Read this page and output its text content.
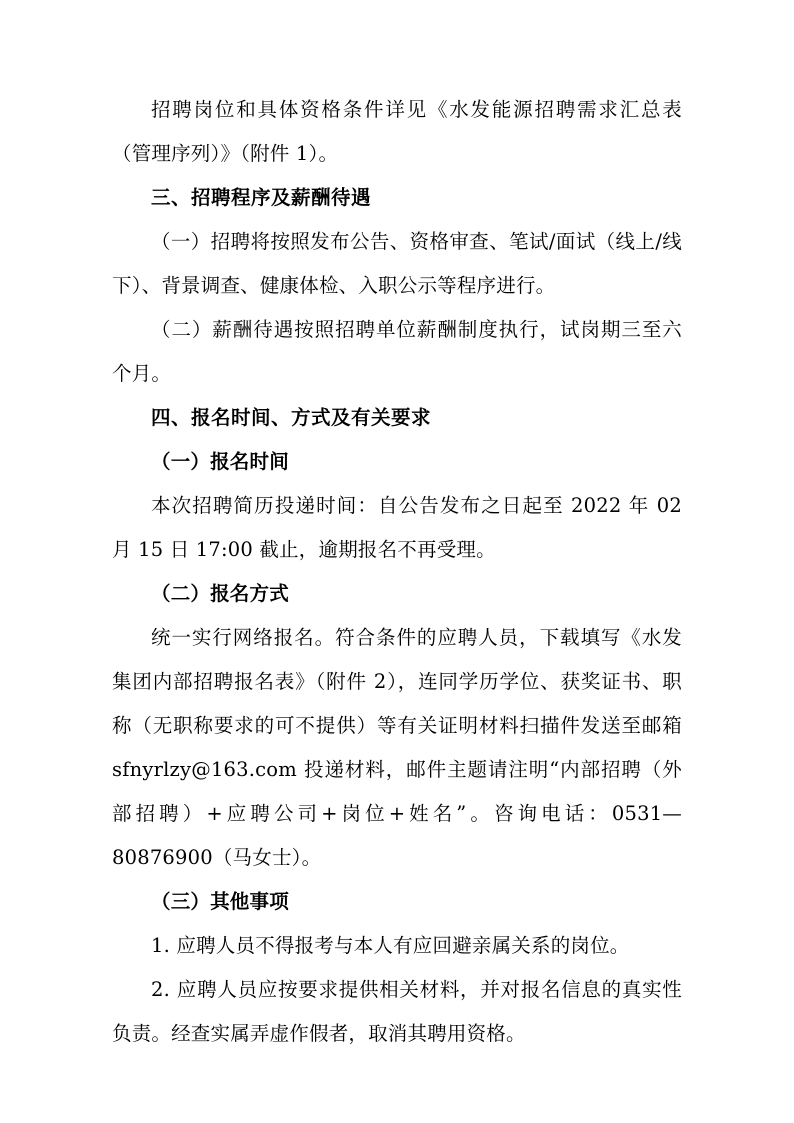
招聘岗位和具体资格条件详见《水发能源招聘需求汇总表（管理序列）》（附件 1）。

三、招聘程序及薪酬待遇

（一）招聘将按照发布公告、资格审查、笔试/面试（线上/线下）、背景调查、健康体检、入职公示等程序进行。

（二）薪酬待遇按照招聘单位薪酬制度执行，试岗期三至六个月。

四、报名时间、方式及有关要求

（一）报名时间

本次招聘简历投递时间：自公告发布之日起至 2022 年 02 月 15 日 17:00 截止，逾期报名不再受理。

（二）报名方式

统一实行网络报名。符合条件的应聘人员，下载填写《水发集团内部招聘报名表》（附件 2），连同学历学位、获奖证书、职称（无职称要求的可不提供）等有关证明材料扫描件发送至邮箱 sfnyrlzy@163.com 投递材料，邮件主题请注明“内部招聘（外部招聘）+应聘公司+岗位+姓名”。咨询电话：0531—80876900（马女士）。

（三）其他事项

1. 应聘人员不得报考与本人有应回避亲属关系的岗位。

2. 应聘人员应按要求提供相关材料，并对报名信息的真实性负责。经查实属弄虚作假者，取消其聘用资格。
